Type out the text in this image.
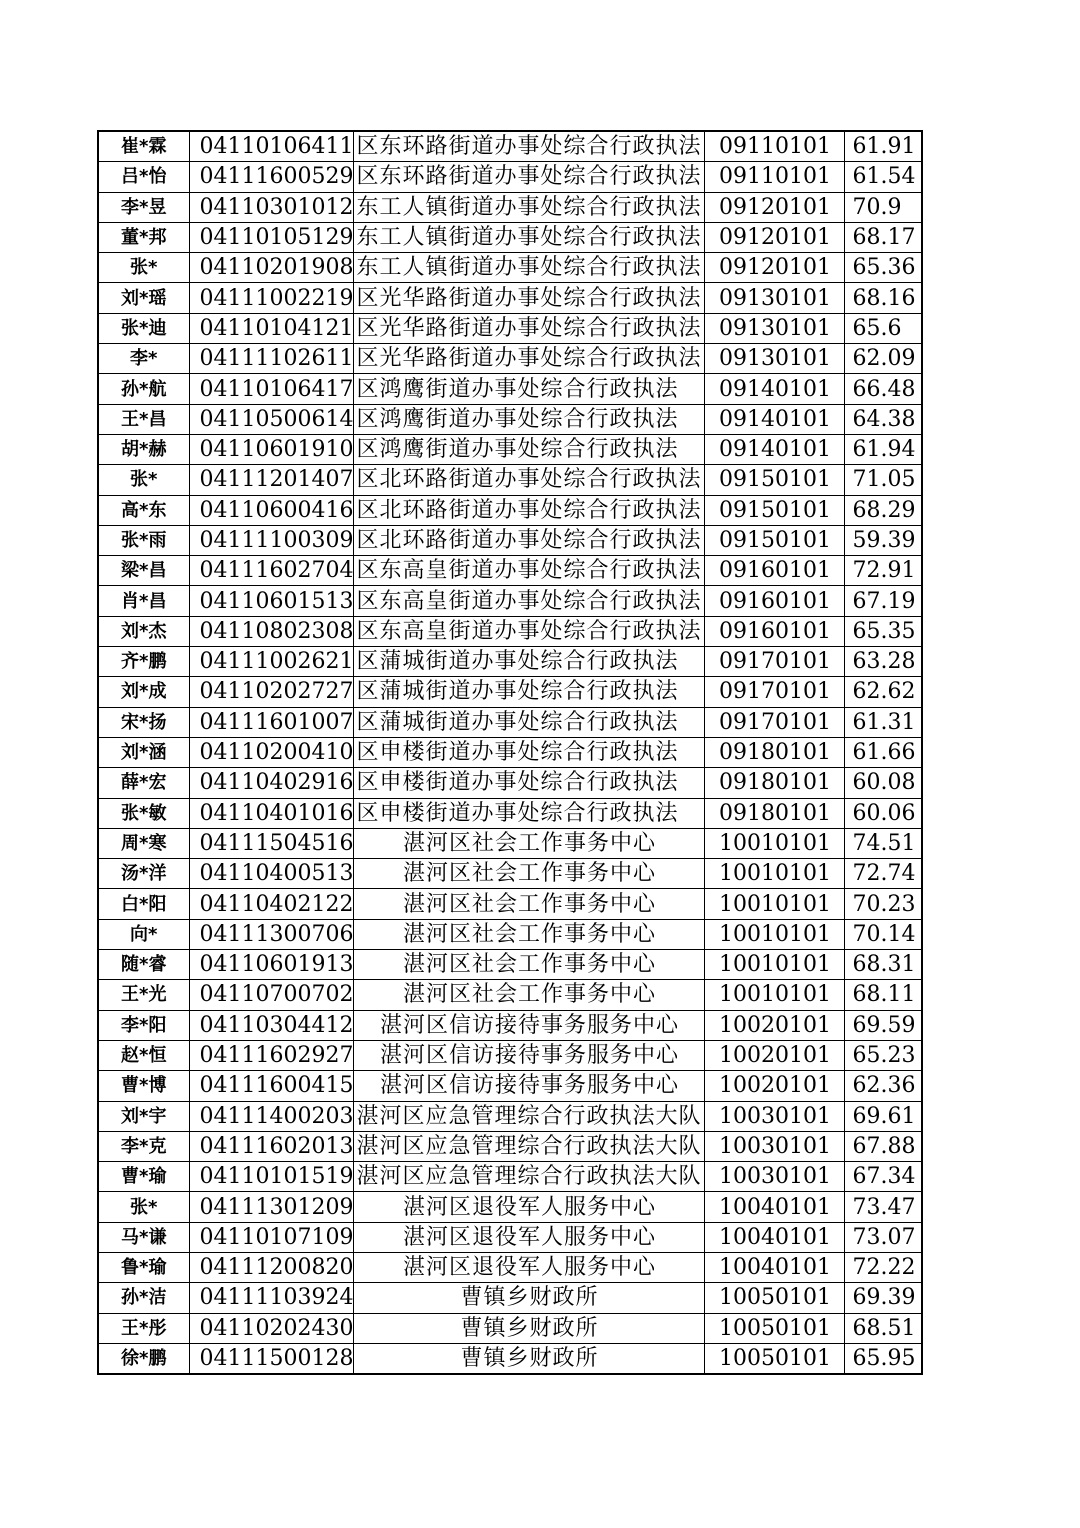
崔*霖	04110106411	区东环路街道办事处综合行政执法	09110101	61.91
吕*怡	04111600529	区东环路街道办事处综合行政执法	09110101	61.54
李*昱	04110301012	东工人镇街道办事处综合行政执法	09120101	70.9
董*邦	04110105129	东工人镇街道办事处综合行政执法	09120101	68.17
张*	04110201908	东工人镇街道办事处综合行政执法	09120101	65.36
刘*瑶	04111002219	区光华路街道办事处综合行政执法	09130101	68.16
张*迪	04110104121	区光华路街道办事处综合行政执法	09130101	65.6
李*	04111102611	区光华路街道办事处综合行政执法	09130101	62.09
孙*航	04110106417	区鸿鹰街道办事处综合行政执法	09140101	66.48
王*昌	04110500614	区鸿鹰街道办事处综合行政执法	09140101	64.38
胡*赫	04110601910	区鸿鹰街道办事处综合行政执法	09140101	61.94
张*	04111201407	区北环路街道办事处综合行政执法	09150101	71.05
高*东	04110600416	区北环路街道办事处综合行政执法	09150101	68.29
张*雨	04111100309	区北环路街道办事处综合行政执法	09150101	59.39
梁*昌	04111602704	区东高皇街道办事处综合行政执法	09160101	72.91
肖*昌	04110601513	区东高皇街道办事处综合行政执法	09160101	67.19
刘*杰	04110802308	区东高皇街道办事处综合行政执法	09160101	65.35
齐*鹏	04111002621	区蒲城街道办事处综合行政执法	09170101	63.28
刘*成	04110202727	区蒲城街道办事处综合行政执法	09170101	62.62
宋*扬	04111601007	区蒲城街道办事处综合行政执法	09170101	61.31
刘*涵	04110200410	区申楼街道办事处综合行政执法	09180101	61.66
薛*宏	04110402916	区申楼街道办事处综合行政执法	09180101	60.08
张*敏	04110401016	区申楼街道办事处综合行政执法	09180101	60.06
周*寒	04111504516	湛河区社会工作事务中心	10010101	74.51
汤*洋	04110400513	湛河区社会工作事务中心	10010101	72.74
白*阳	04110402122	湛河区社会工作事务中心	10010101	70.23
向*	04111300706	湛河区社会工作事务中心	10010101	70.14
随*睿	04110601913	湛河区社会工作事务中心	10010101	68.31
王*光	04110700702	湛河区社会工作事务中心	10010101	68.11
李*阳	04110304412	湛河区信访接待事务服务中心	10020101	69.59
赵*恒	04111602927	湛河区信访接待事务服务中心	10020101	65.23
曹*博	04111600415	湛河区信访接待事务服务中心	10020101	62.36
刘*宇	04111400203	湛河区应急管理综合行政执法大队	10030101	69.61
李*克	04111602013	湛河区应急管理综合行政执法大队	10030101	67.88
曹*瑜	04110101519	湛河区应急管理综合行政执法大队	10030101	67.34
张*	04111301209	湛河区退役军人服务中心	10040101	73.47
马*谦	04110107109	湛河区退役军人服务中心	10040101	73.07
鲁*瑜	04111200820	湛河区退役军人服务中心	10040101	72.22
孙*洁	04111103924	曹镇乡财政所	10050101	69.39
王*彤	04110202430	曹镇乡财政所	10050101	68.51
徐*鹏	04111500128	曹镇乡财政所	10050101	65.95
